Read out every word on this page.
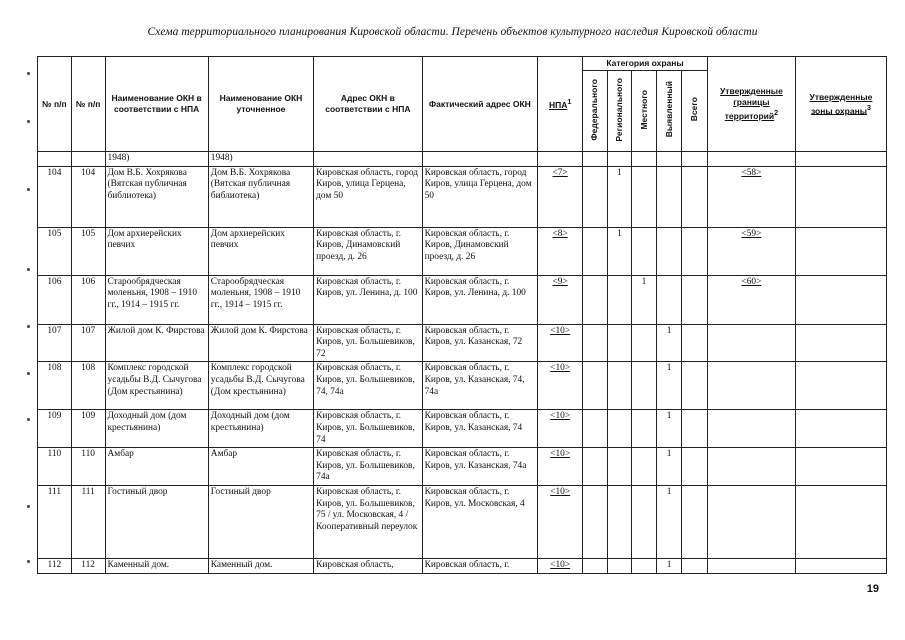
Схема территориального планирования Кировской области. Перечень объектов культурного наследия Кировской области
№ п/п	№ п/п	Наименование ОКН в соответствии с НПА	Наименование ОКН уточненное	Адрес ОКН в соответствии с НПА	Фактический адрес ОКН	НПА$^1$	Категория охраны					Утвержденные границы территорий$^2$	Утвержденные зоны охраны$^3$
							Федерального	Регионального	Местного	Выявленный	Всего		
		1948)	1948)										
104	104	Дом В.Б. Хохрякова (Вятская публичная библиотека)	Дом В.Б. Хохрякова (Вятская публичная библиотека)	Кировская область, город Киров, улица Герцена, дом 50	Кировская область, город Киров, улица Герцена, дом 50	<7>		1				<58>	
105	105	Дом архиерейских певчих	Дом архиерейских певчих	Кировская область, г. Киров, Динамовский проезд, д. 26	Кировская область, г. Киров, Динамовский проезд, д. 26	<8>		1				<59>	
106	106	Старообрядческая моленьня, 1908 – 1910 гг., 1914 – 1915 гг.	Старообрядческая моленьня, 1908 – 1910 гг., 1914 – 1915 гг.	Кировская область, г. Киров, ул. Ленина, д. 100	Кировская область, г. Киров, ул. Ленина, д. 100	<9>			1			<60>	
107	107	Жилой дом К. Фирстова	Жилой дом К. Фирстова	Кировская область, г. Киров, ул. Большевиков, 72	Кировская область, г. Киров, ул. Казанская, 72	<10>				1			
108	108	Комплекс городской усадьбы В.Д. Сычугова (Дом крестьянина)	Комплекс городской усадьбы В.Д. Сычугова (Дом крестьянина)	Кировская область, г. Киров, ул. Большевиков, 74, 74а	Кировская область, г. Киров, ул. Казанская, 74, 74а	<10>				1			
109	109	Доходный дом (дом крестьянина)	Доходный дом (дом крестьянина)	Кировская область, г. Киров, ул. Большевиков, 74	Кировская область, г. Киров, ул. Казанская, 74	<10>				1			
110	110	Амбар	Амбар	Кировская область, г. Киров, ул. Большевиков, 74а	Кировская область, г. Киров, ул. Казанская, 74а	<10>				1			
111	111	Гостиный двор	Гостиный двор	Кировская область, г. Киров, ул. Большевиков, 75 / ул. Московская, 4 / Кооперативный переулок	Кировская область, г. Киров, ул. Московская, 4	<10>				1			
112	112	Каменный дом.	Каменный дом.	Кировская область,	Кировская область, г.	<10>				1			
19
